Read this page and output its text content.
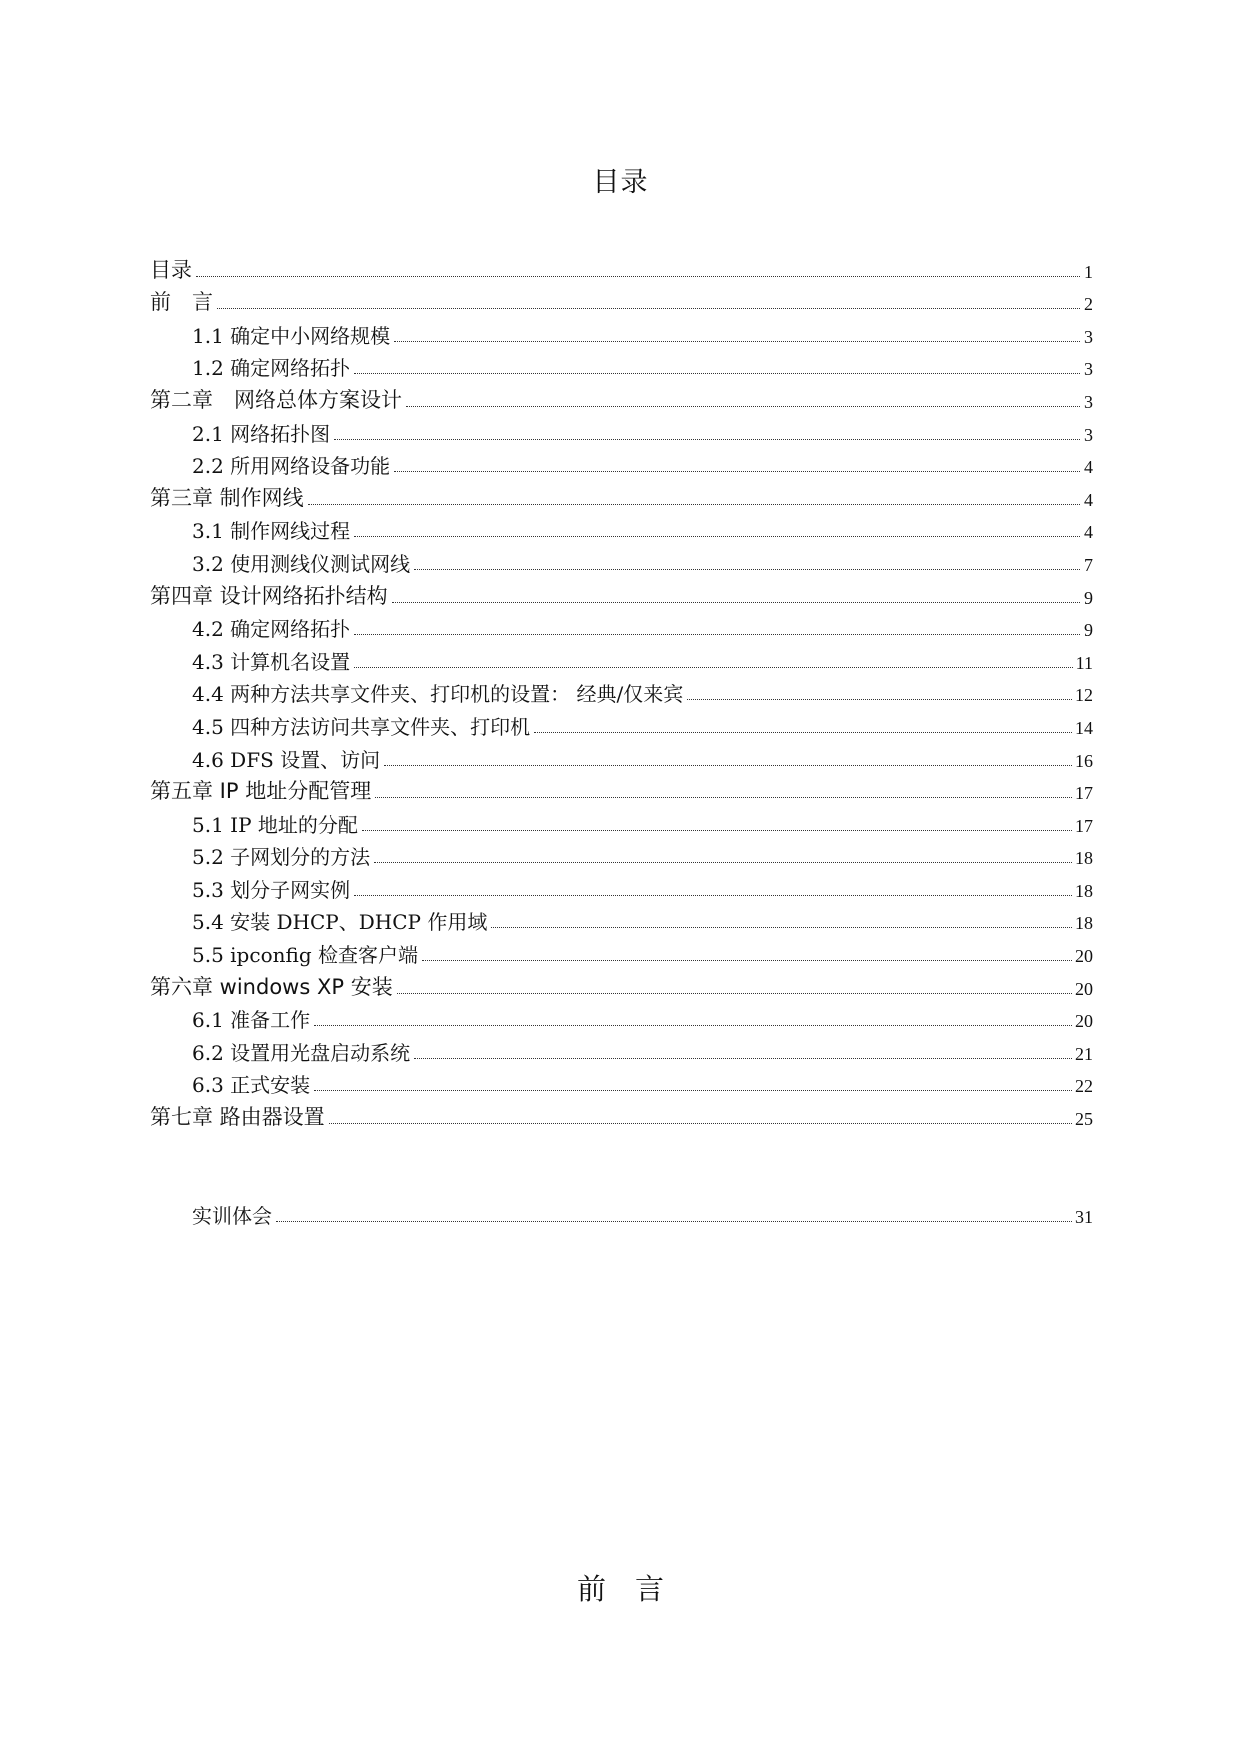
目录
目录	1
前　言	2
1.1 确定中小网络规模	3
1.2 确定网络拓扑	3
第二章　网络总体方案设计	3
2.1 网络拓扑图	3
2.2 所用网络设备功能	4
第三章 制作网线	4
3.1 制作网线过程	4
3.2 使用测线仪测试网线	7
第四章 设计网络拓扑结构	9
4.2 确定网络拓扑	9
4.3 计算机名设置	11
4.4 两种方法共享文件夹、打印机的设置： 经典/仅来宾	12
4.5 四种方法访问共享文件夹、打印机	14
4.6 DFS 设置、访问	16
第五章 IP 地址分配管理	17
5.1 IP 地址的分配	17
5.2 子网划分的方法	18
5.3 划分子网实例	18
5.4 安装 DHCP、DHCP 作用域	18
5.5 ipconfig 检查客户端	20
第六章 windows XP 安装	20
6.1 准备工作	20
6.2 设置用光盘启动系统	21
6.3 正式安装	22
第七章 路由器设置	25
实训体会	31
前　言
